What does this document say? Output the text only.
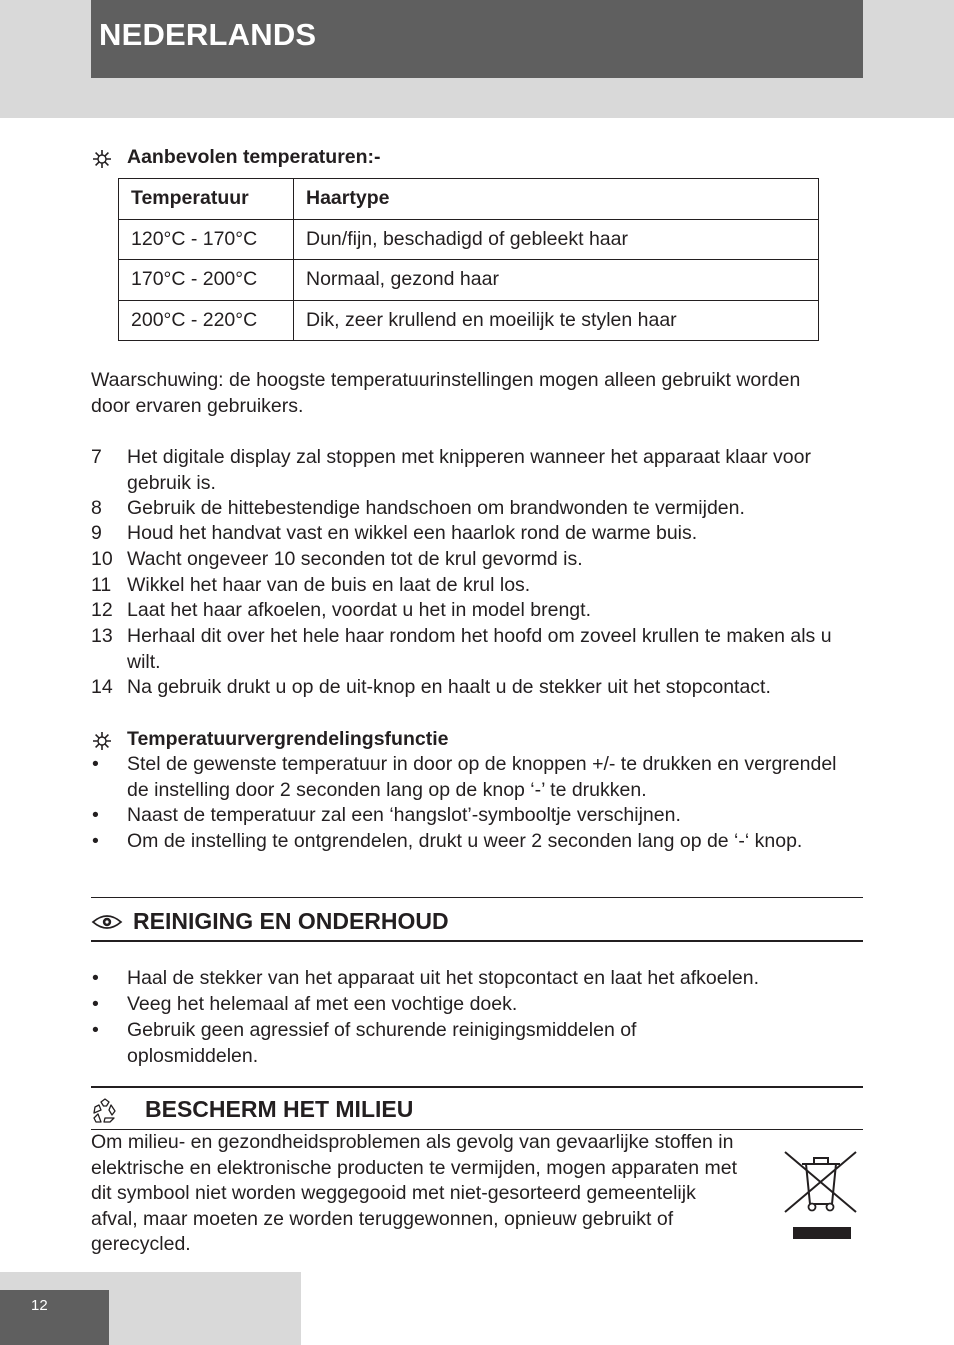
NEDERLANDS
Aanbevolen temperaturen:-
Temperatuur	Haartype
120°C - 170°C	Dun/fijn, beschadigd of gebleekt haar
170°C - 200°C	Normaal, gezond haar
200°C - 220°C	Dik, zeer krullend en moeilijk te stylen haar
Waarschuwing: de hoogste temperatuurinstellingen mogen alleen gebruikt worden door ervaren gebruikers.
7	Het digitale display zal stoppen met knipperen wanneer het apparaat klaar voor gebruik is.
8	Gebruik de hittebestendige handschoen om brandwonden te vermijden.
9	Houd het handvat vast en wikkel een haarlok rond de warme buis.
10 Wacht ongeveer 10 seconden tot de krul gevormd is.
11 Wikkel het haar van de buis en laat de krul los.
12 Laat het haar afkoelen, voordat u het in model brengt.
13 Herhaal dit over het hele haar rondom het hoofd om zoveel krullen te maken als u wilt.
14 Na gebruik drukt u op de uit-knop en haalt u de stekker uit het stopcontact.
Temperatuurvergrendelingsfunctie
• Stel de gewenste temperatuur in door op de knoppen +/- te drukken en vergrendel de instelling door 2 seconden lang op de knop ‘-’ te drukken.
• Naast de temperatuur zal een ‘hangslot’-symbooltje verschijnen.
• Om de instelling te ontgrendelen, drukt u weer 2 seconden lang op de ‘-‘ knop.
REINIGING EN ONDERHOUD
• Haal de stekker van het apparaat uit het stopcontact en laat het afkoelen.
• Veeg het helemaal af met een vochtige doek.
• Gebruik geen agressief of schurende reinigingsmiddelen of oplosmiddelen.
BESCHERM HET MILIEU
Om milieu- en gezondheidsproblemen als gevolg van gevaarlijke stoffen in elektrische en elektronische producten te vermijden, mogen apparaten met dit symbool niet worden weggegooid met niet-gesorteerd gemeentelijk afval, maar moeten ze worden teruggewonnen, opnieuw gebruikt of gerecycled.
12
